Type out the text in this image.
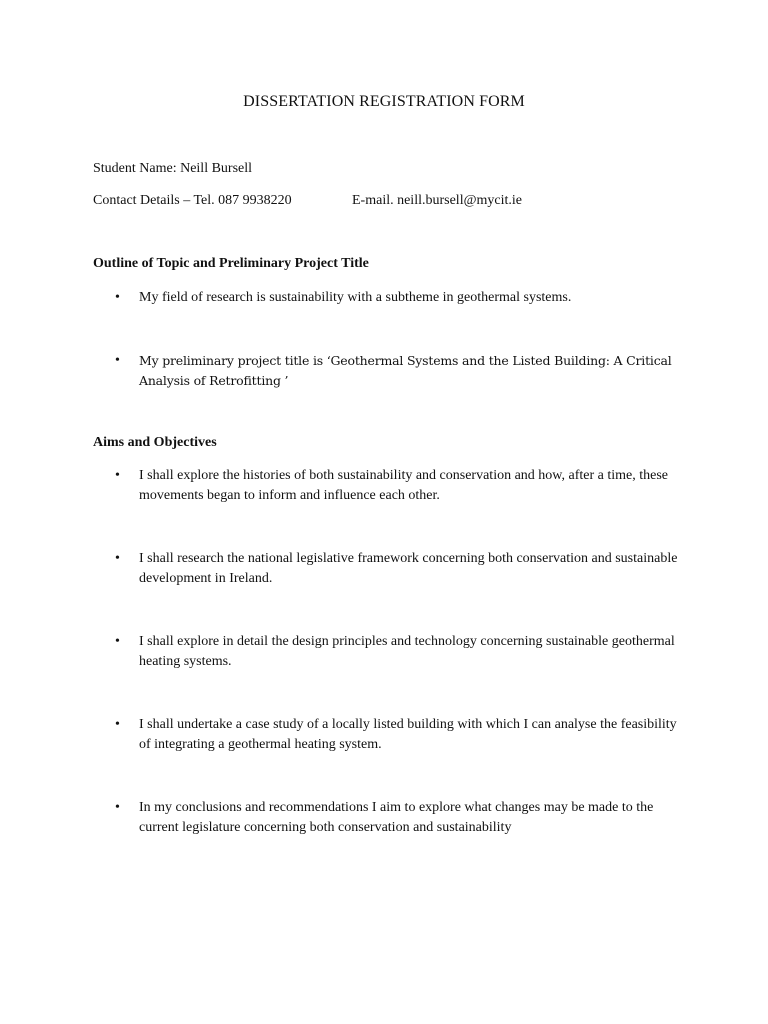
DISSERTATION REGISTRATION FORM
Student Name: Neill Bursell
Contact Details – Tel. 087 9938220	E-mail. neill.bursell@mycit.ie
Outline of Topic and Preliminary Project Title
• My field of research is sustainability with a subtheme in geothermal systems.
• My preliminary project title is ‘Geothermal Systems and the Listed Building: A Critical Analysis of Retrofitting ’
Aims and Objectives
• I shall explore the histories of both sustainability and conservation and how, after a time, these movements began to inform and influence each other.
• I shall research the national legislative framework concerning both conservation and sustainable development in Ireland.
• I shall explore in detail the design principles and technology concerning sustainable geothermal heating systems.
• I shall undertake a case study of a locally listed building with which I can analyse the feasibility of integrating a geothermal heating system.
• In my conclusions and recommendations I aim to explore what changes may be made to the current legislature concerning both conservation and sustainability
